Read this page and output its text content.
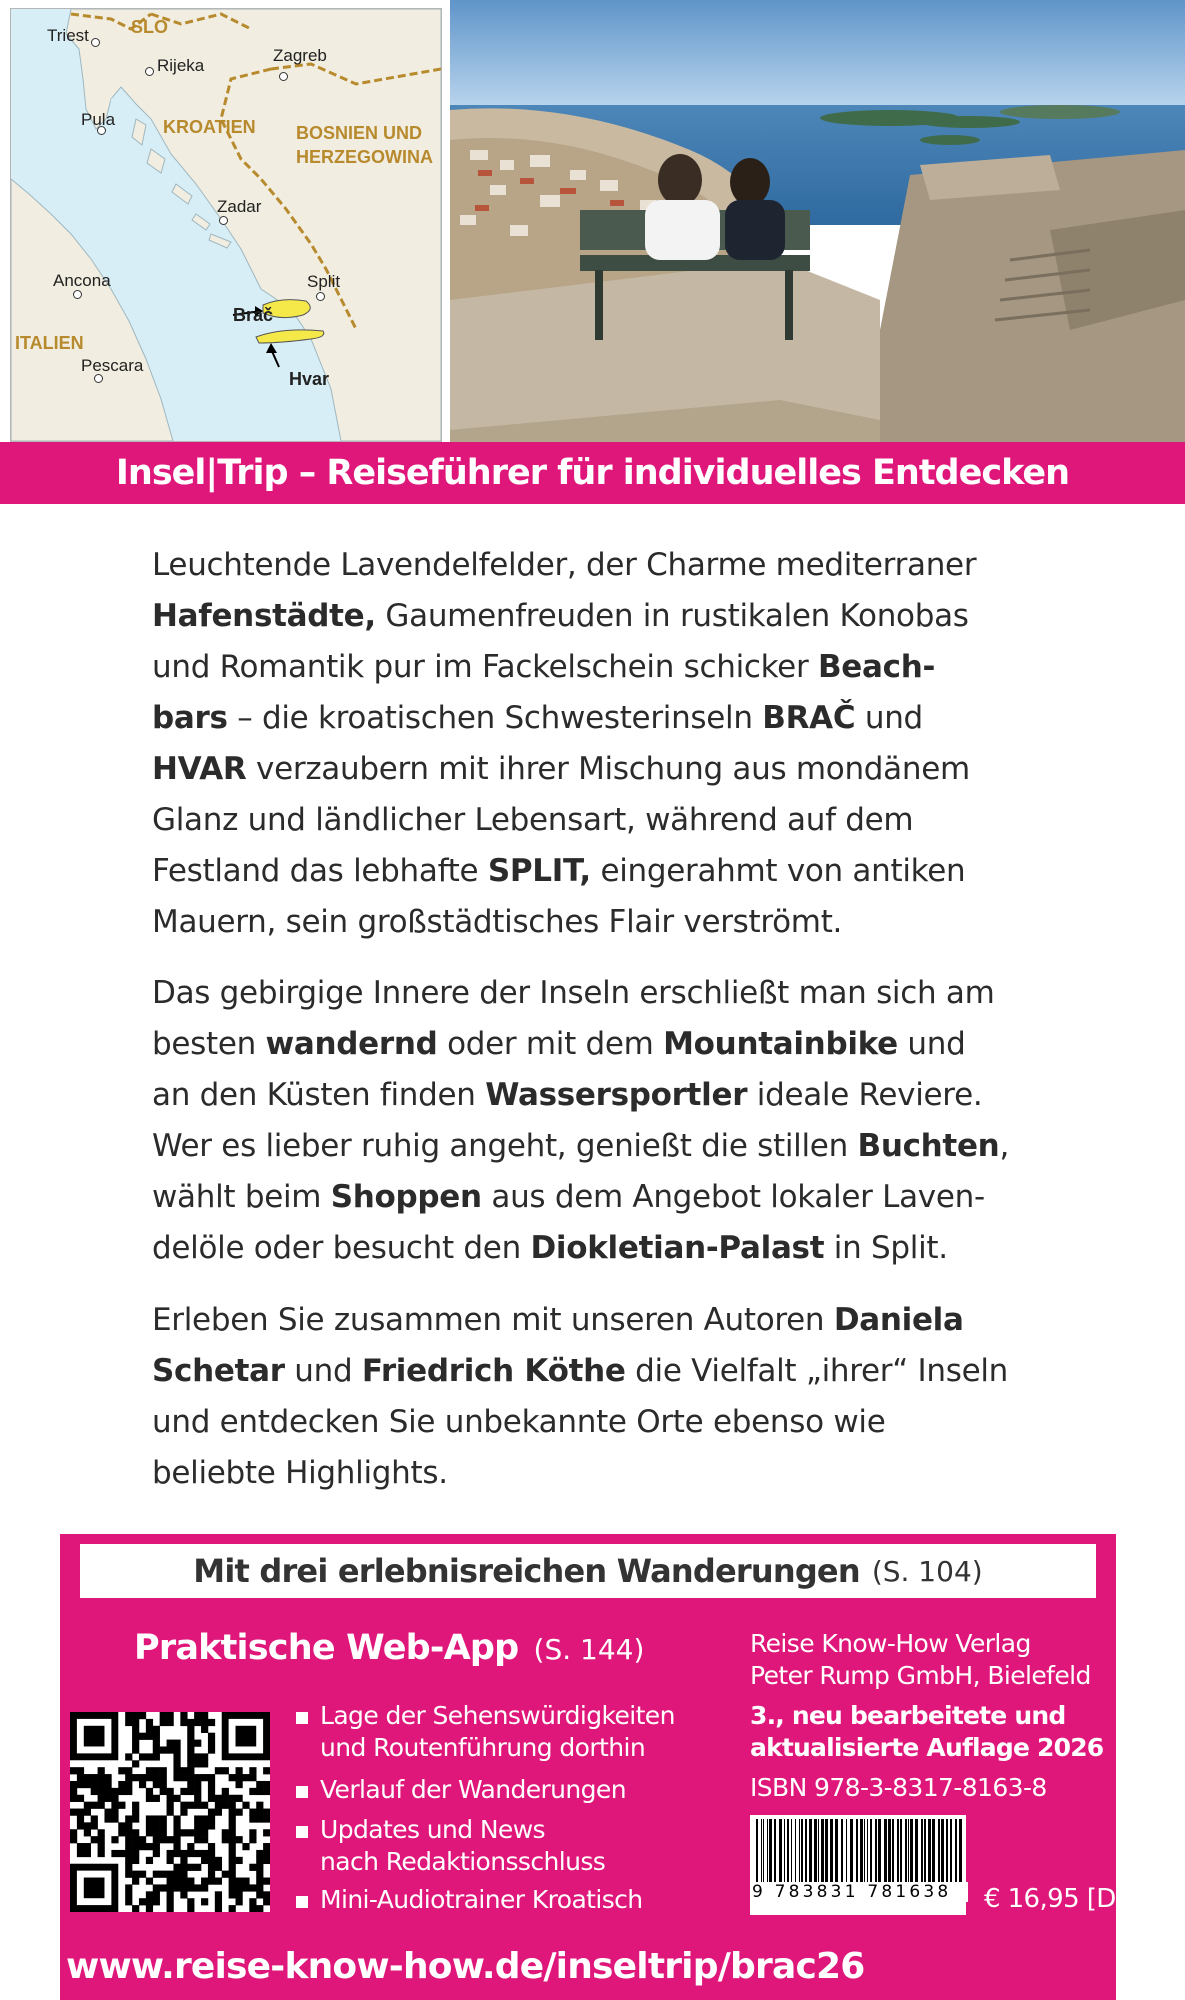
SLO
KROATIEN BOSNIEN UND
HERZEGOWINA
ITALIEN
Triest
Rijeka
Zagreb
Pula
Zadar
Ancona	Split
Pescara
Brač
Hvar
Insel|Trip – Reiseführer für individuelles Entdecken
Leuchtende Lavendelfelder, der Charme mediterraner
Hafenstädte, Gaumenfreuden in rustikalen Konobas
und Romantik pur im Fackelschein schicker Beach-
bars – die kroatischen Schwesterinseln BRAČ und
HVAR verzaubern mit ihrer Mischung aus mondänem
Glanz und ländlicher Lebensart, während auf dem
Festland das lebhafte SPLIT, eingerahmt von antiken
Mauern, sein großstädtisches Flair verströmt.
Das gebirgige Innere der Inseln erschließt man sich am
besten wandernd oder mit dem Mountainbike und
an den Küsten finden Wassersportler ideale Reviere.
Wer es lieber ruhig angeht, genießt die stillen Buchten,
wählt beim Shoppen aus dem Angebot lokaler Laven-
delöle oder besucht den Diokletian-Palast in Split.
Erleben Sie zusammen mit unseren Autoren Daniela
Schetar und Friedrich Köthe die Vielfalt „ihrer“ Inseln
und entdecken Sie unbekannte Orte ebenso wie
beliebte Highlights.
Mit drei erlebnisreichen Wanderungen (S. 104)
Praktische Web-App (S. 144)
Lage der Sehenswürdigkeiten
und Routenführung dorthin
Verlauf der Wanderungen
Updates und News
nach Redaktionsschluss
Mini-Audiotrainer Kroatisch
Reise Know-How Verlag
Peter Rump GmbH, Bielefeld
3., neu bearbeitete und
aktualisierte Auflage 2026
ISBN 978-3-8317-8163-8
9 783831 781638	€ 16,95 [D]
www.reise-know-how.de/inseltrip/brac26
